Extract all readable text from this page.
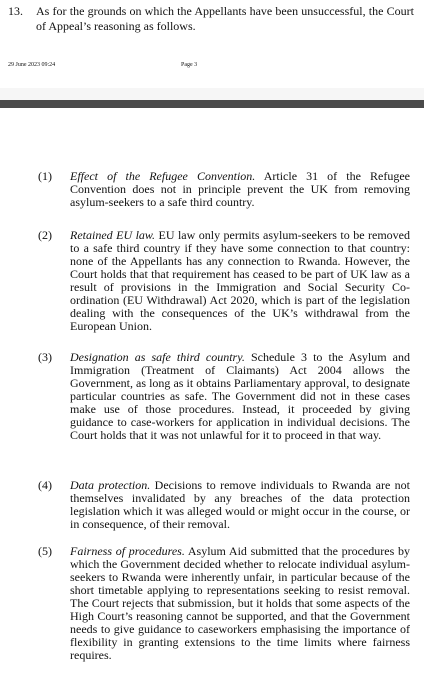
13. As for the grounds on which the Appellants have been unsuccessful, the Court of Appeal’s reasoning as follows.
29 June 2023 09:24	Page 3
(1) Effect of the Refugee Convention. Article 31 of the Refugee Convention does not in principle prevent the UK from removing asylum-seekers to a safe third country.
(2) Retained EU law. EU law only permits asylum-seekers to be removed to a safe third country if they have some connection to that country: none of the Appellants has any connection to Rwanda. However, the Court holds that that requirement has ceased to be part of UK law as a result of provisions in the Immigration and Social Security Co-ordination (EU Withdrawal) Act 2020, which is part of the legislation dealing with the consequences of the UK’s withdrawal from the European Union.
(3) Designation as safe third country. Schedule 3 to the Asylum and Immigration (Treatment of Claimants) Act 2004 allows the Government, as long as it obtains Parliamentary approval, to designate particular countries as safe. The Government did not in these cases make use of those procedures. Instead, it proceeded by giving guidance to case-workers for application in individual decisions. The Court holds that it was not unlawful for it to proceed in that way.
(4) Data protection. Decisions to remove individuals to Rwanda are not themselves invalidated by any breaches of the data protection legislation which it was alleged would or might occur in the course, or in consequence, of their removal.
(5) Fairness of procedures. Asylum Aid submitted that the procedures by which the Government decided whether to relocate individual asylum-seekers to Rwanda were inherently unfair, in particular because of the short timetable applying to representations seeking to resist removal. The Court rejects that submission, but it holds that some aspects of the High Court’s reasoning cannot be supported, and that the Government needs to give guidance to caseworkers emphasising the importance of flexibility in granting extensions to the time limits where fairness requires.
